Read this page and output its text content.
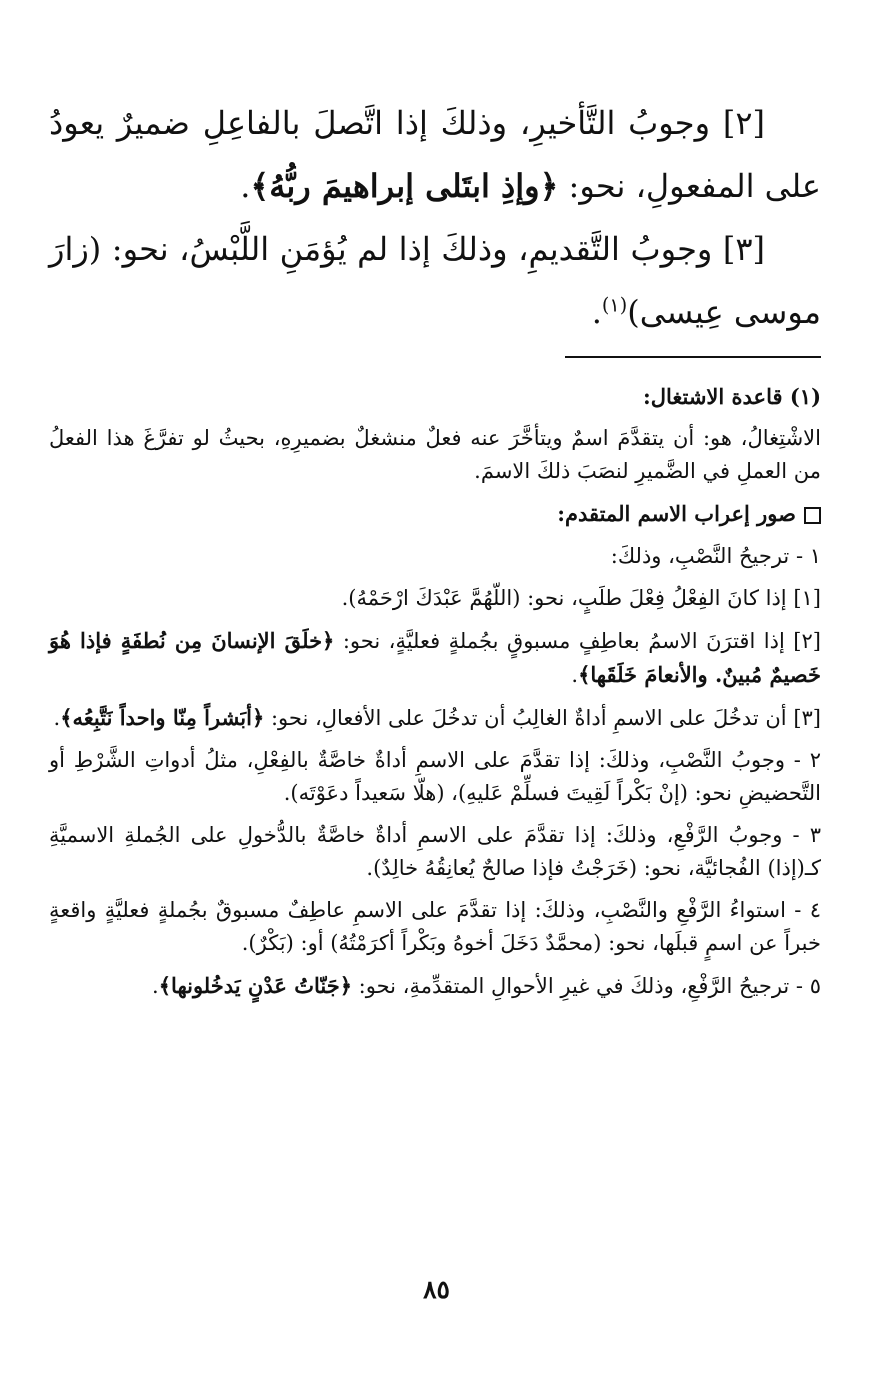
[٢] وجوبُ التَّأخيرِ، وذلكَ إذا اتَّصلَ بالفاعِلِ ضميرٌ يعودُ على المفعولِ، نحو: ﴿وإذِ ابتَلى إبراهيمَ ربُّهُ﴾.

[٣] وجوبُ التَّقديمِ، وذلكَ إذا لم يُؤمَنِ اللَّبْسُ، نحو: (زارَ موسى عِيسى)$^{(١)}$.

(١) قاعدة الاشتغال:

الاشْتِغالُ، هو: أن يتقدَّمَ اسمٌ ويتأخَّرَ عنه فعلٌ منشغلٌ بضميرِهِ، بحيثُ لو تفرَّغَ هذا الفعلُ من العملِ في الضَّميرِ لنصَبَ ذلكَ الاسمَ.

صور إعراب الاسم المتقدم:

١ - ترجيحُ النَّصْبِ، وذلكَ:

[١] إذا كانَ الفِعْلُ فِعْلَ طلَبٍ، نحو: (اللّهُمَّ عَبْدَكَ ارْحَمْهُ).

[٢] إذا اقترَنَ الاسمُ بعاطِفٍ مسبوقٍ بجُملةٍ فعليَّةٍ، نحو: ﴿خلَقَ الإنسانَ مِن نُطفَةٍ فإذا هُوَ خَصيمٌ مُبينٌ. والأنعامَ خَلَقَها﴾.

[٣] أن تدخُلَ على الاسمِ أداةٌ الغالِبُ أن تدخُلَ على الأفعالِ، نحو: ﴿أبَشراً مِنّا واحداً نَتَّبِعُه﴾.

٢ - وجوبُ النَّصْبِ، وذلكَ: إذا تقدَّمَ على الاسمِ أداةٌ خاصَّةٌ بالفِعْلِ، مثلُ أدواتِ الشَّرْطِ أو التَّحضيضِ نحو: (إنْ بَكْراً لَقِيتَ فسلِّمْ عَليهِ)، (هلّا سَعيداً دعَوْتَه).

٣ - وجوبُ الرَّفْعِ، وذلكَ: إذا تقدَّمَ على الاسمِ أداةٌ خاصَّةٌ بالدُّخولِ على الجُملةِ الاسميَّةِ كـ(إذا) الفُجائيَّة، نحو: (خَرَجْتُ فإذا صالحٌ يُعانِقُهُ خالِدٌ).

٤ - استواءُ الرَّفْعِ والنَّصْبِ، وذلكَ: إذا تقدَّمَ على الاسمِ عاطِفٌ مسبوقٌ بجُملةٍ فعليَّةٍ واقعةٍ خبراً عن اسمٍ قبلَها، نحو: (محمَّدٌ دَخَلَ أخوهُ وبَكْراً أكرَمْتُهُ) أو: (بَكْرٌ).

٥ - ترجيحُ الرَّفْعِ، وذلكَ في غيرِ الأحوالِ المتقدِّمةِ، نحو: ﴿جَنّاتُ عَدْنٍ يَدخُلونها﴾.

٨٥
